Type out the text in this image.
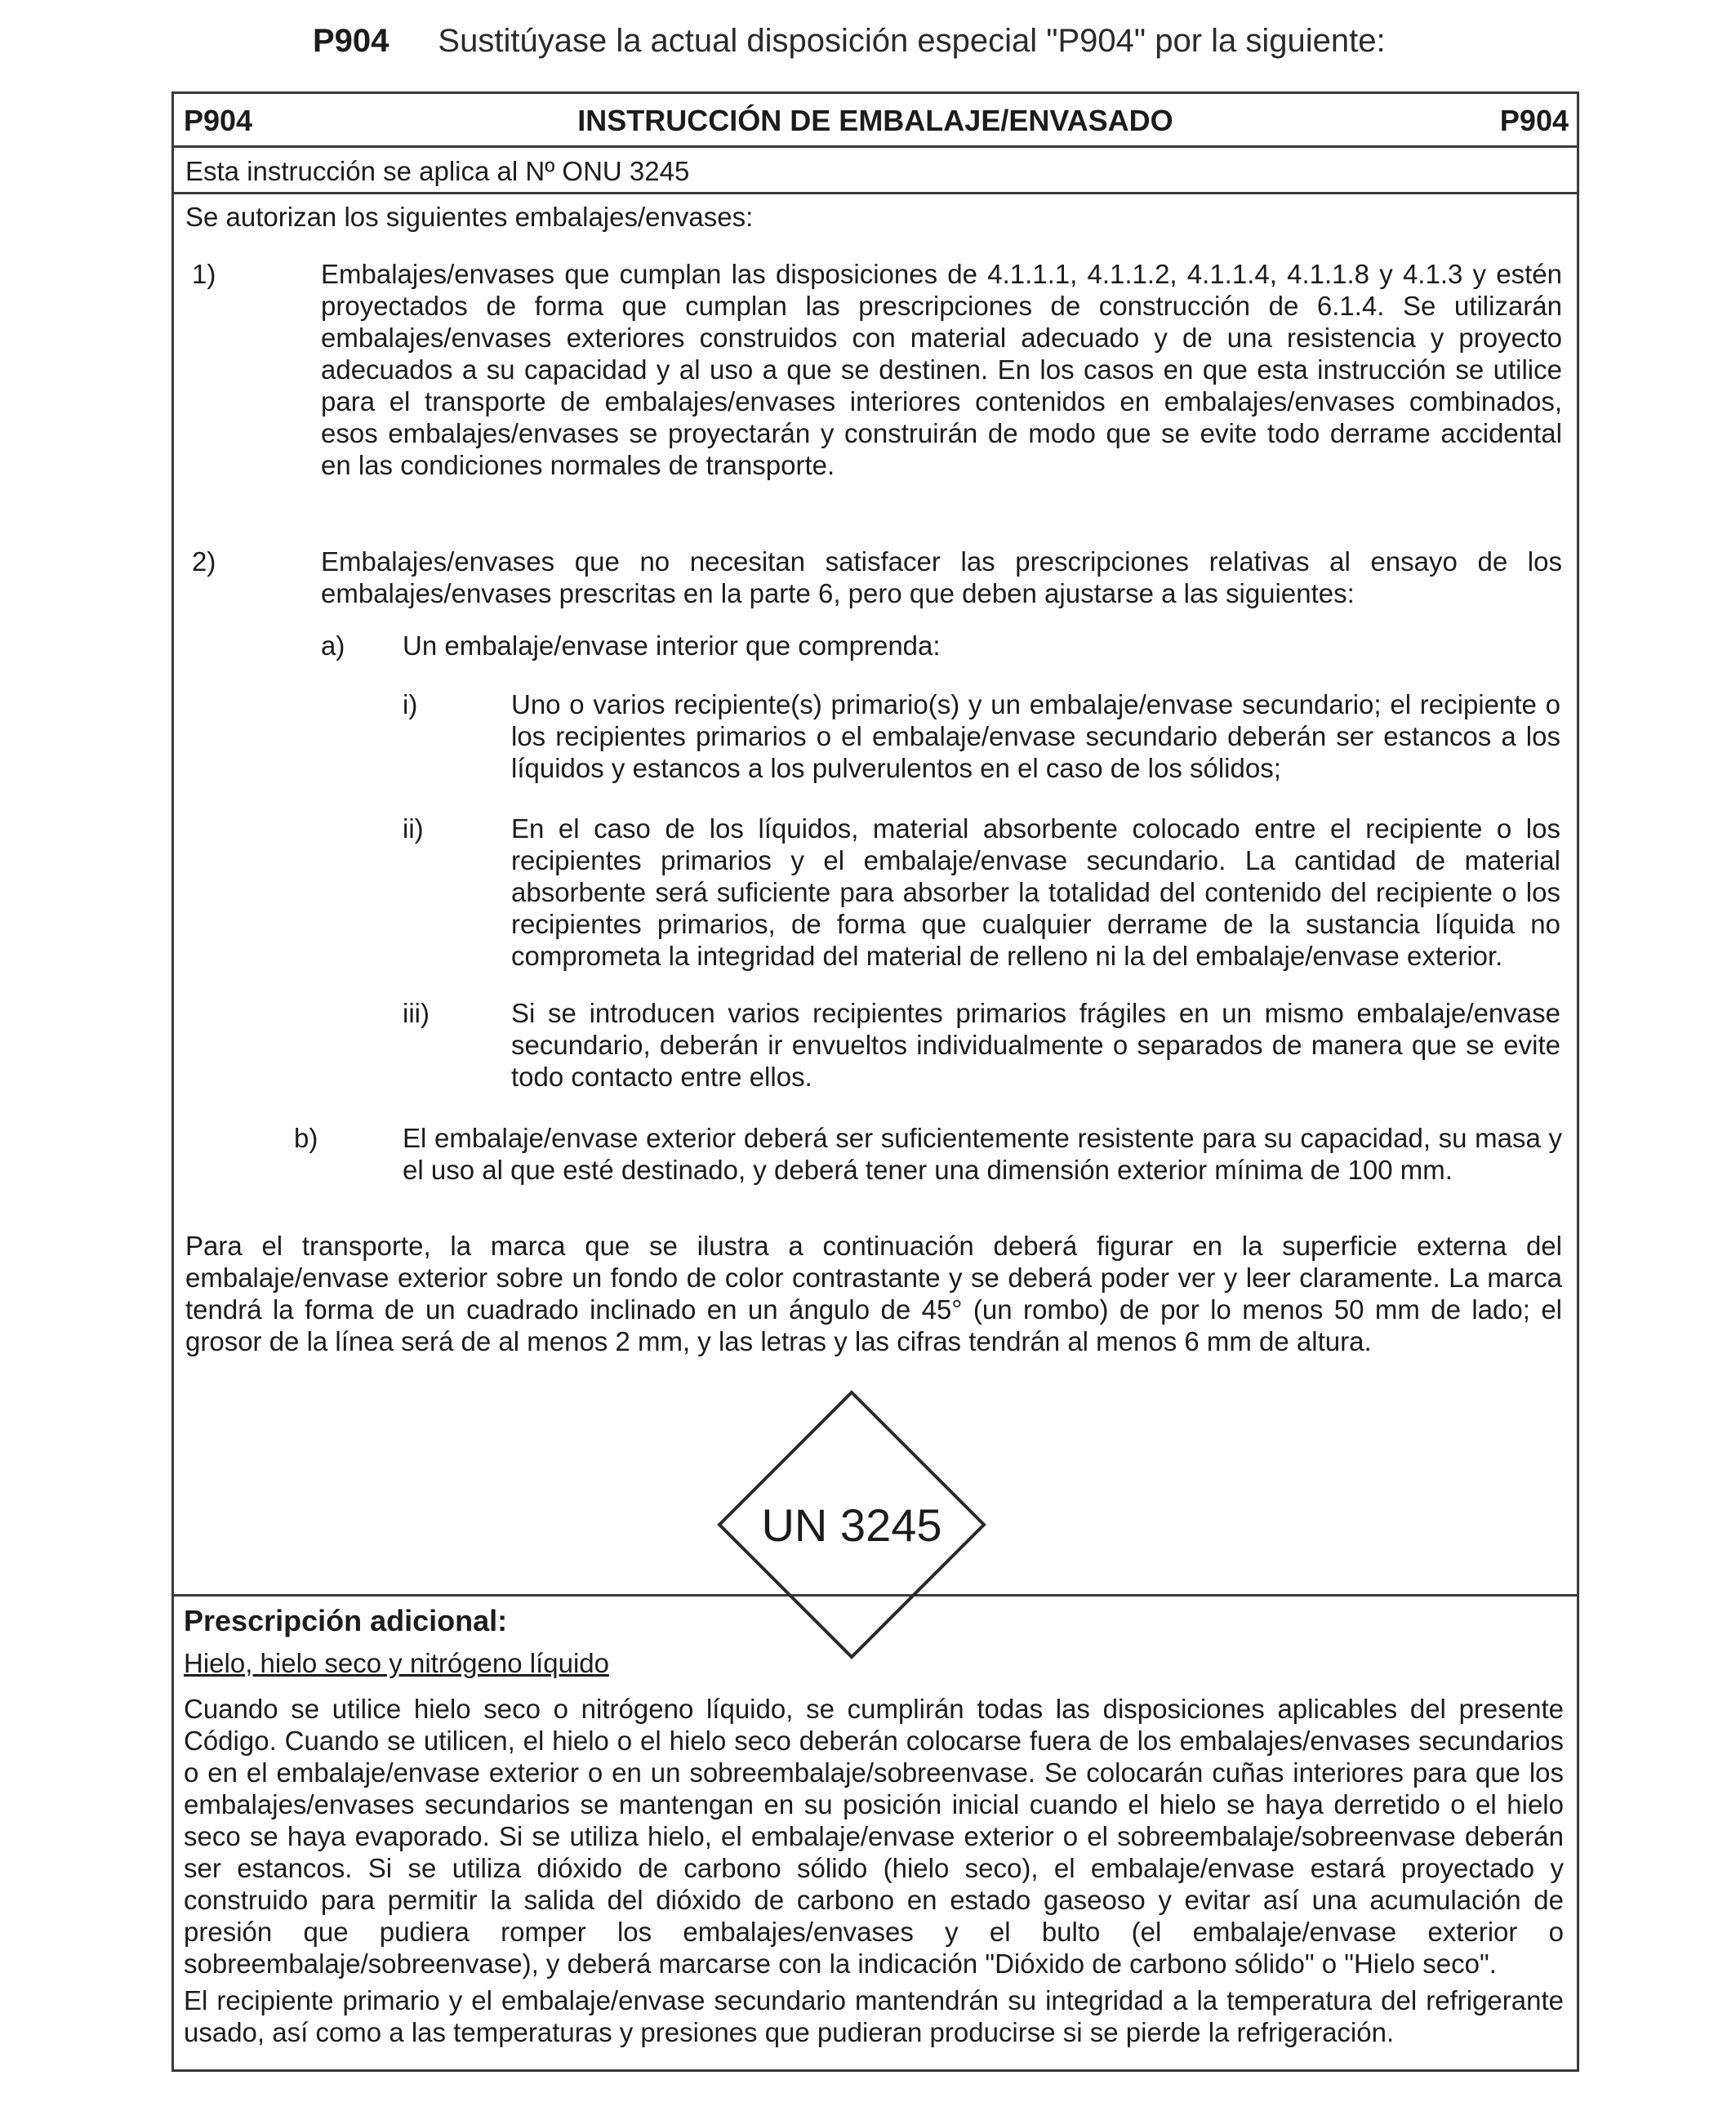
P904 Sustitúyase la actual disposición especial "P904" por la siguiente:
P904	INSTRUCCIÓN DE EMBALAJE/ENVASADO	P904
Esta instrucción se aplica al Nº ONU 3245
Se autorizan los siguientes embalajes/envases:
1)	Embalajes/envases que cumplan las disposiciones de 4.1.1.1, 4.1.1.2, 4.1.1.4, 4.1.1.8 y 4.1.3 y estén proyectados de forma que cumplan las prescripciones de construcción de 6.1.4. Se utilizarán embalajes/envases exteriores construidos con material adecuado y de una resistencia y proyecto adecuados a su capacidad y al uso a que se destinen. En los casos en que esta instrucción se utilice para el transporte de embalajes/envases interiores contenidos en embalajes/envases combinados, esos embalajes/envases se proyectarán y construirán de modo que se evite todo derrame accidental en las condiciones normales de transporte.
2)	Embalajes/envases que no necesitan satisfacer las prescripciones relativas al ensayo de los embalajes/envases prescritas en la parte 6, pero que deben ajustarse a las siguientes:
a) Un embalaje/envase interior que comprenda:
i)	Uno o varios recipiente(s) primario(s) y un embalaje/envase secundario; el recipiente o los recipientes primarios o el embalaje/envase secundario deberán ser estancos a los líquidos y estancos a los pulverulentos en el caso de los sólidos;
ii)	En el caso de los líquidos, material absorbente colocado entre el recipiente o los recipientes primarios y el embalaje/envase secundario. La cantidad de material absorbente será suficiente para absorber la totalidad del contenido del recipiente o los recipientes primarios, de forma que cualquier derrame de la sustancia líquida no comprometa la integridad del material de relleno ni la del embalaje/envase exterior.
iii)	Si se introducen varios recipientes primarios frágiles en un mismo embalaje/envase secundario, deberán ir envueltos individualmente o separados de manera que se evite todo contacto entre ellos.
b)	El embalaje/envase exterior deberá ser suficientemente resistente para su capacidad, su masa y el uso al que esté destinado, y deberá tener una dimensión exterior mínima de 100 mm.
Para el transporte, la marca que se ilustra a continuación deberá figurar en la superficie externa del embalaje/envase exterior sobre un fondo de color contrastante y se deberá poder ver y leer claramente. La marca tendrá la forma de un cuadrado inclinado en un ángulo de 45° (un rombo) de por lo menos 50 mm de lado; el grosor de la línea será de al menos 2 mm, y las letras y las cifras tendrán al menos 6 mm de altura.
UN 3245
Prescripción adicional:
Hielo, hielo seco y nitrógeno líquido
Cuando se utilice hielo seco o nitrógeno líquido, se cumplirán todas las disposiciones aplicables del presente Código. Cuando se utilicen, el hielo o el hielo seco deberán colocarse fuera de los embalajes/envases secundarios o en el embalaje/envase exterior o en un sobreembalaje/sobreenvase. Se colocarán cuñas interiores para que los embalajes/envases secundarios se mantengan en su posición inicial cuando el hielo se haya derretido o el hielo seco se haya evaporado. Si se utiliza hielo, el embalaje/envase exterior o el sobreembalaje/sobreenvase deberán ser estancos. Si se utiliza dióxido de carbono sólido (hielo seco), el embalaje/envase estará proyectado y construido para permitir la salida del dióxido de carbono en estado gaseoso y evitar así una acumulación de presión que pudiera romper los embalajes/envases y el bulto (el embalaje/envase exterior o sobreembalaje/sobreenvase), y deberá marcarse con la indicación "Dióxido de carbono sólido" o "Hielo seco".
El recipiente primario y el embalaje/envase secundario mantendrán su integridad a la temperatura del refrigerante usado, así como a las temperaturas y presiones que pudieran producirse si se pierde la refrigeración.
